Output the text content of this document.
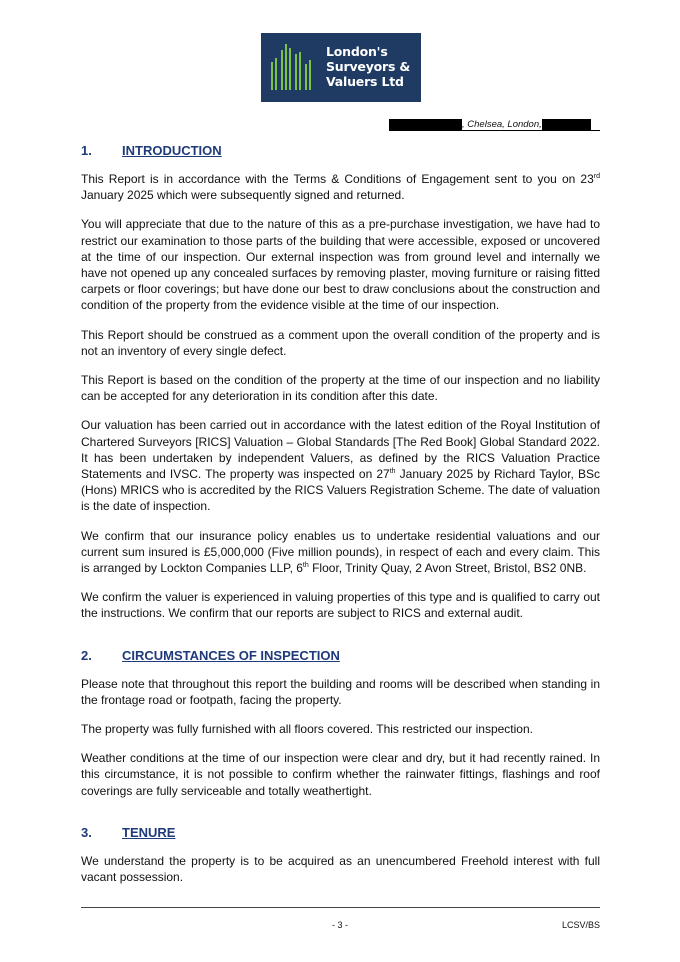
London's
Surveyors &
Valuers Ltd
, Chelsea, London,
1.	INTRODUCTION

This Report is in accordance with the Terms & Conditions of Engagement sent to you on 23rd January 2025 which were subsequently signed and returned.

You will appreciate that due to the nature of this as a pre-purchase investigation, we have had to restrict our examination to those parts of the building that were accessible, exposed or uncovered at the time of our inspection. Our external inspection was from ground level and internally we have not opened up any concealed surfaces by removing plaster, moving furniture or raising fitted carpets or floor coverings; but have done our best to draw conclusions about the construction and condition of the property from the evidence visible at the time of our inspection.

This Report should be construed as a comment upon the overall condition of the property and is not an inventory of every single defect.

This Report is based on the condition of the property at the time of our inspection and no liability can be accepted for any deterioration in its condition after this date.

Our valuation has been carried out in accordance with the latest edition of the Royal Institution of Chartered Surveyors [RICS] Valuation – Global Standards [The Red Book] Global Standard 2022. It has been undertaken by independent Valuers, as defined by the RICS Valuation Practice Statements and IVSC. The property was inspected on 27th January 2025 by Richard Taylor, BSc (Hons) MRICS who is accredited by the RICS Valuers Registration Scheme. The date of valuation is the date of inspection.

We confirm that our insurance policy enables us to undertake residential valuations and our current sum insured is £5,000,000 (Five million pounds), in respect of each and every claim. This is arranged by Lockton Companies LLP, 6th Floor, Trinity Quay, 2 Avon Street, Bristol, BS2 0NB.

We confirm the valuer is experienced in valuing properties of this type and is qualified to carry out the instructions. We confirm that our reports are subject to RICS and external audit.

2.	CIRCUMSTANCES OF INSPECTION

Please note that throughout this report the building and rooms will be described when standing in the frontage road or footpath, facing the property.

The property was fully furnished with all floors covered. This restricted our inspection.

Weather conditions at the time of our inspection were clear and dry, but it had recently rained. In this circumstance, it is not possible to confirm whether the rainwater fittings, flashings and roof coverings are fully serviceable and totally weathertight.

3.	TENURE

We understand the property is to be acquired as an unencumbered Freehold interest with full vacant possession.

- 3 -	LCSV/BS
